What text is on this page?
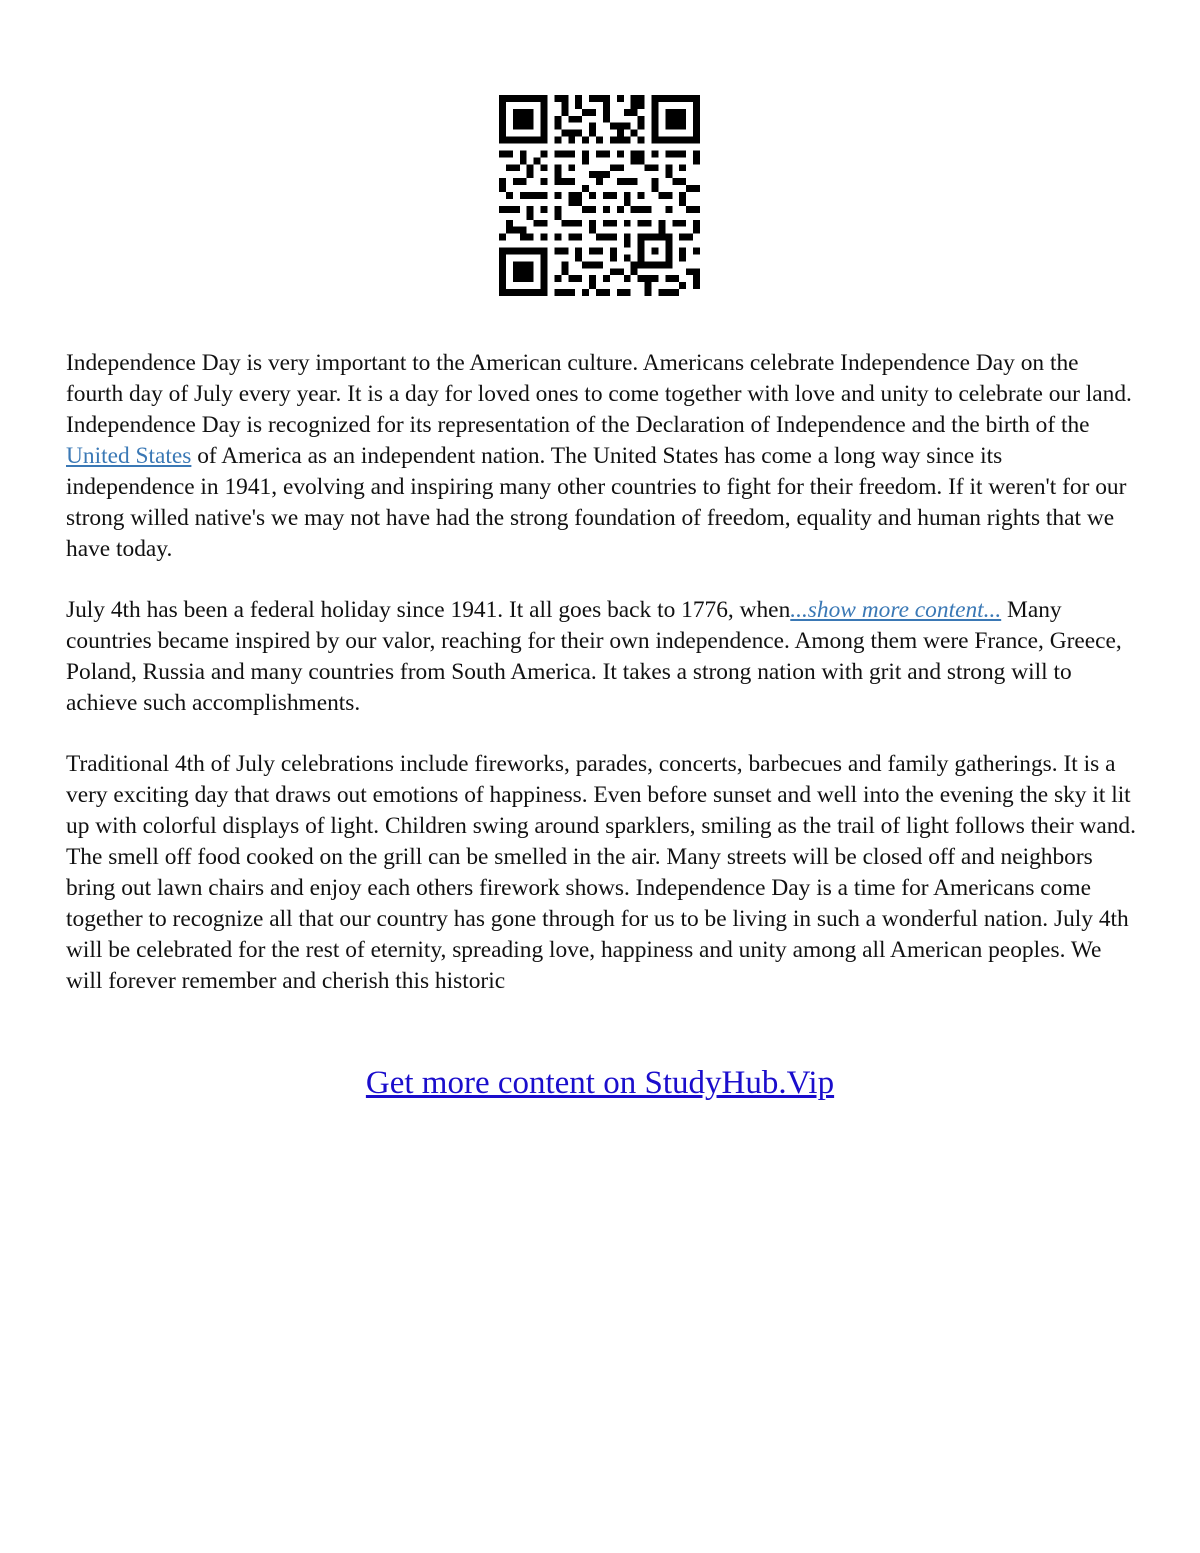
Independence Day is very important to the American culture. Americans celebrate Independence Day on the fourth day of July every year. It is a day for loved ones to come together with love and unity to celebrate our land. Independence Day is recognized for its representation of the Declaration of Independence and the birth of the United States of America as an independent nation. The United States has come a long way since its independence in 1941, evolving and inspiring many other countries to fight for their freedom. If it weren't for our strong willed native's we may not have had the strong foundation of freedom, equality and human rights that we have today.

July 4th has been a federal holiday since 1941. It all goes back to 1776, when...show more content... Many countries became inspired by our valor, reaching for their own independence. Among them were France, Greece, Poland, Russia and many countries from South America. It takes a strong nation with grit and strong will to achieve such accomplishments.

Traditional 4th of July celebrations include fireworks, parades, concerts, barbecues and family gatherings. It is a very exciting day that draws out emotions of happiness. Even before sunset and well into the evening the sky it lit up with colorful displays of light. Children swing around sparklers, smiling as the trail of light follows their wand. The smell off food cooked on the grill can be smelled in the air. Many streets will be closed off and neighbors bring out lawn chairs and enjoy each others firework shows. Independence Day is a time for Americans come together to recognize all that our country has gone through for us to be living in such a wonderful nation. July 4th will be celebrated for the rest of eternity, spreading love, happiness and unity among all American peoples. We will forever remember and cherish this historic

Get more content on StudyHub.Vip
